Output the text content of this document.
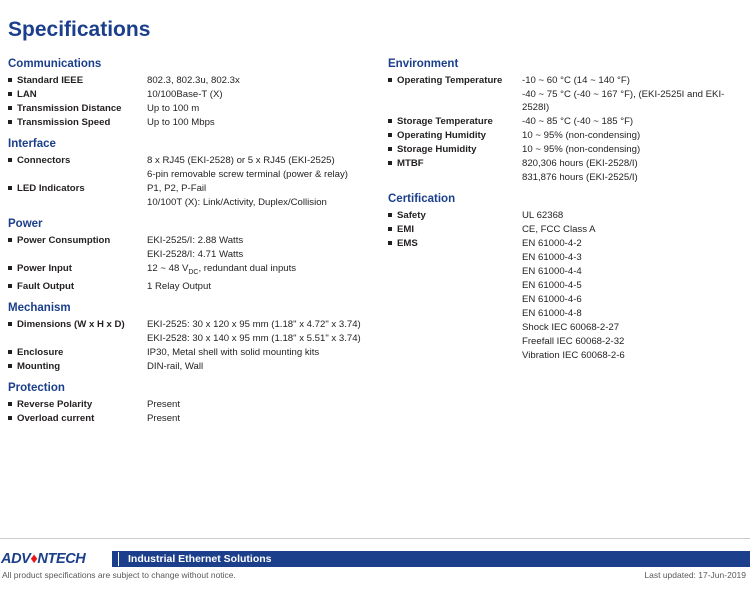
Specifications
Communications
Standard IEEE	802.3, 802.3u, 802.3x
LAN	10/100Base-T (X)
Transmission Distance	Up to 100 m
Transmission Speed	Up to 100 Mbps
Interface
Connectors	8 x RJ45 (EKI-2528) or 5 x RJ45 (EKI-2525)
6-pin removable screw terminal (power & relay)
LED Indicators	P1, P2, P-Fail
10/100T (X): Link/Activity, Duplex/Collision
Power
Power Consumption	EKI-2525/I: 2.88 Watts
EKI-2528/I: 4.71 Watts
Power Input	12 ~ 48 $V_{DC}$, redundant dual inputs
Fault Output	1 Relay Output
Mechanism
Dimensions (W x H x D)	EKI-2525: 30 x 120 x 95 mm (1.18" x 4.72" x 3.74)
EKI-2528: 30 x 140 x 95 mm (1.18" x 5.51" x 3.74)
Enclosure	IP30, Metal shell with solid mounting kits
Mounting	DIN-rail, Wall
Protection
Reverse Polarity	Present
Overload current	Present
Environment
Operating Temperature	-10 ~ 60 °C (14 ~ 140 °F)
-40 ~ 75 °C (-40 ~ 167 °F), (EKI-2525I and EKI-2528I)
Storage Temperature	-40 ~ 85 °C (-40 ~ 185 °F)
Operating Humidity	10 ~ 95% (non-condensing)
Storage Humidity	10 ~ 95% (non-condensing)
MTBF	820,306 hours (EKI-2528/I)
831,876 hours (EKI-2525/I)
Certification
Safety	UL 62368
EMI	CE, FCC Class A
EMS	EN 61000-4-2
EN 61000-4-3
EN 61000-4-4
EN 61000-4-5
EN 61000-4-6
EN 61000-4-8
Shock IEC 60068-2-27
Freefall IEC 60068-2-32
Vibration IEC 60068-2-6
ADV♦NTECH	Industrial Ethernet Solutions
All product specifications are subject to change without notice.	Last updated: 17-Jun-2019
